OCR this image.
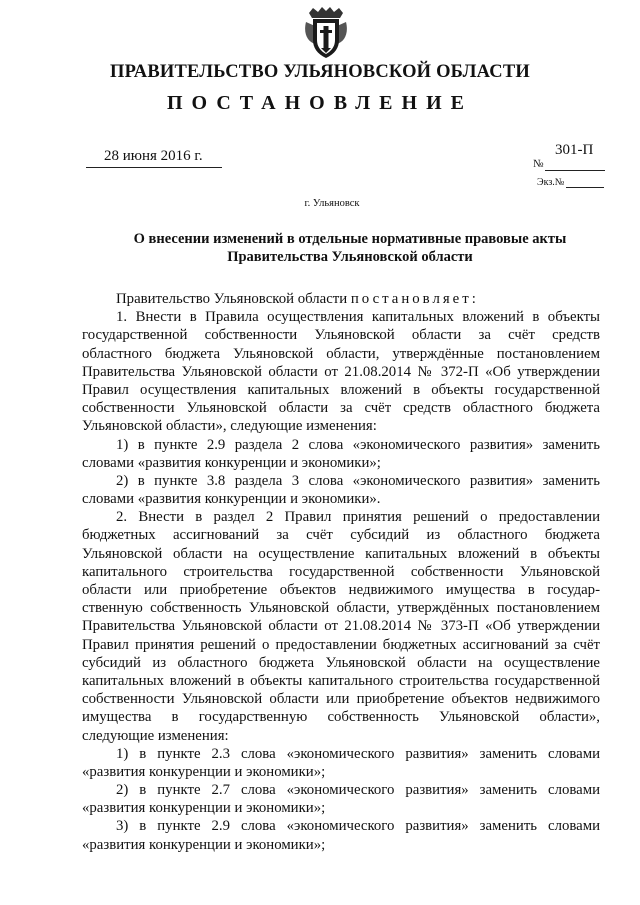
ПРАВИТЕЛЬСТВО УЛЬЯНОВСКОЙ ОБЛАСТИ
ПОСТАНОВЛЕНИЕ
28 июня 2016 г.	301-П
№
Экз.№
г. Ульяновск
О внесении изменений в отдельные нормативные правовые акты
Правительства Ульяновской области
Правительство Ульяновской области постановляет:
1. Внести в Правила осуществления капитальных вложений в объекты
государственной собственности Ульяновской области за счёт средств
областного бюджета Ульяновской области, утверждённые постановлением
Правительства Ульяновской области от 21.08.2014 № 372-П «Об утверждении
Правил осуществления капитальных вложений в объекты государственной
собственности Ульяновской области за счёт средств областного бюджета
Ульяновской области», следующие изменения:
1) в пункте 2.9 раздела 2 слова «экономического развития» заменить
словами «развития конкуренции и экономики»;
2) в пункте 3.8 раздела 3 слова «экономического развития» заменить
словами «развития конкуренции и экономики».
2. Внести в раздел 2 Правил принятия решений о предоставлении
бюджетных ассигнований за счёт субсидий из областного бюджета
Ульяновской области на осуществление капитальных вложений в объекты
капитального строительства государственной собственности Ульяновской
области или приобретение объектов недвижимого имущества в государ-
ственную собственность Ульяновской области, утверждённых постановлением
Правительства Ульяновской области от 21.08.2014 № 373-П «Об утверждении
Правил принятия решений о предоставлении бюджетных ассигнований за счёт
субсидий из областного бюджета Ульяновской области на осуществление
капитальных вложений в объекты капитального строительства государственной
собственности Ульяновской области или приобретение объектов недвижимого
имущества в государственную собственность Ульяновской области»,
следующие изменения:
1) в пункте 2.3 слова «экономического развития» заменить словами
«развития конкуренции и экономики»;
2) в пункте 2.7 слова «экономического развития» заменить словами
«развития конкуренции и экономики»;
3) в пункте 2.9 слова «экономического развития» заменить словами
«развития конкуренции и экономики»;
